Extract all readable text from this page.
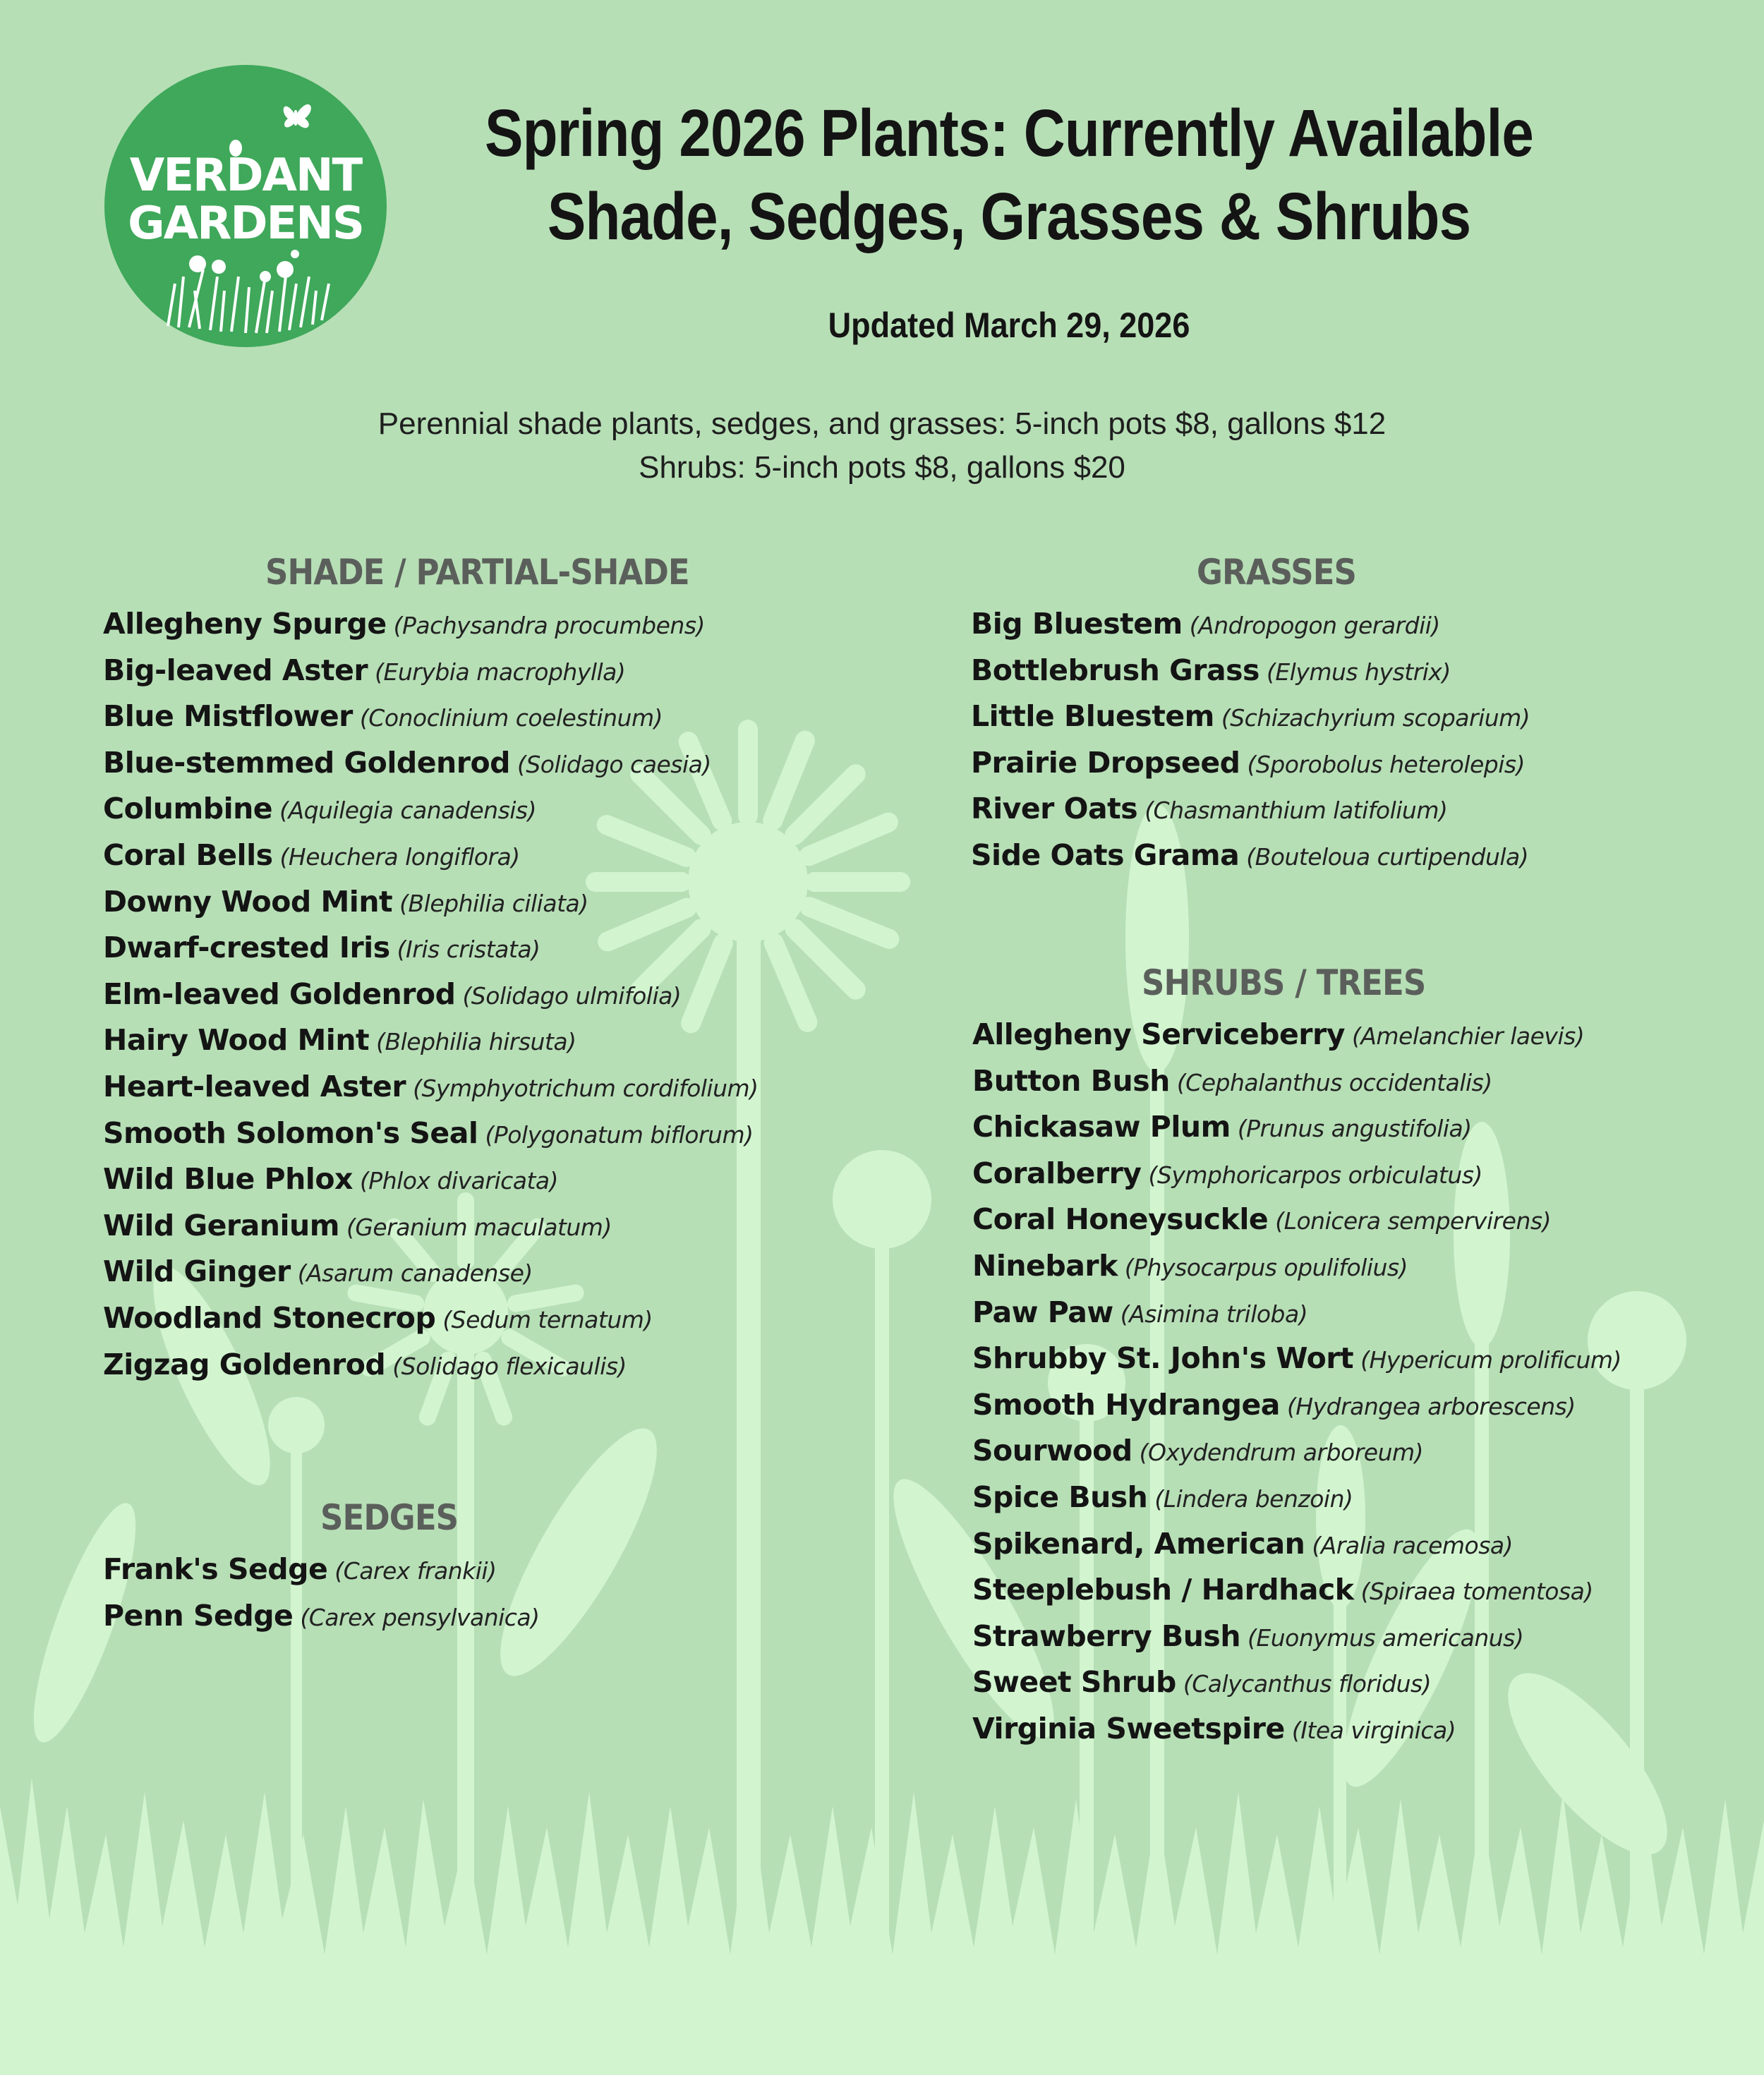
VERDANT
GARDENS
Spring 2026 Plants: Currently Available
Shade, Sedges, Grasses & Shrubs
Updated March 29, 2026
Perennial shade plants, sedges, and grasses: 5-inch pots $8, gallons $12
Shrubs: 5-inch pots $8, gallons $20
SHADE / PARTIAL-SHADE
Allegheny Spurge (Pachysandra procumbens)
Big-leaved Aster (Eurybia macrophylla)
Blue Mistflower (Conoclinium coelestinum)
Blue-stemmed Goldenrod (Solidago caesia)
Columbine (Aquilegia canadensis)
Coral Bells (Heuchera longiflora)
Downy Wood Mint (Blephilia ciliata)
Dwarf-crested Iris (Iris cristata)
Elm-leaved Goldenrod (Solidago ulmifolia)
Hairy Wood Mint (Blephilia hirsuta)
Heart-leaved Aster (Symphyotrichum cordifolium)
Smooth Solomon's Seal (Polygonatum biflorum)
Wild Blue Phlox (Phlox divaricata)
Wild Geranium (Geranium maculatum)
Wild Ginger (Asarum canadense)
Woodland Stonecrop (Sedum ternatum)
Zigzag Goldenrod (Solidago flexicaulis)
SEDGES
Frank's Sedge (Carex frankii)
Penn Sedge (Carex pensylvanica)
GRASSES
Big Bluestem (Andropogon gerardii)
Bottlebrush Grass (Elymus hystrix)
Little Bluestem (Schizachyrium scoparium)
Prairie Dropseed (Sporobolus heterolepis)
River Oats (Chasmanthium latifolium)
Side Oats Grama (Bouteloua curtipendula)
SHRUBS / TREES
Allegheny Serviceberry (Amelanchier laevis)
Button Bush (Cephalanthus occidentalis)
Chickasaw Plum (Prunus angustifolia)
Coralberry (Symphoricarpos orbiculatus)
Coral Honeysuckle (Lonicera sempervirens)
Ninebark (Physocarpus opulifolius)
Paw Paw (Asimina triloba)
Shrubby St. John's Wort (Hypericum prolificum)
Smooth Hydrangea (Hydrangea arborescens)
Sourwood (Oxydendrum arboreum)
Spice Bush (Lindera benzoin)
Spikenard, American (Aralia racemosa)
Steeplebush / Hardhack (Spiraea tomentosa)
Strawberry Bush (Euonymus americanus)
Sweet Shrub (Calycanthus floridus)
Virginia Sweetspire (Itea virginica)
